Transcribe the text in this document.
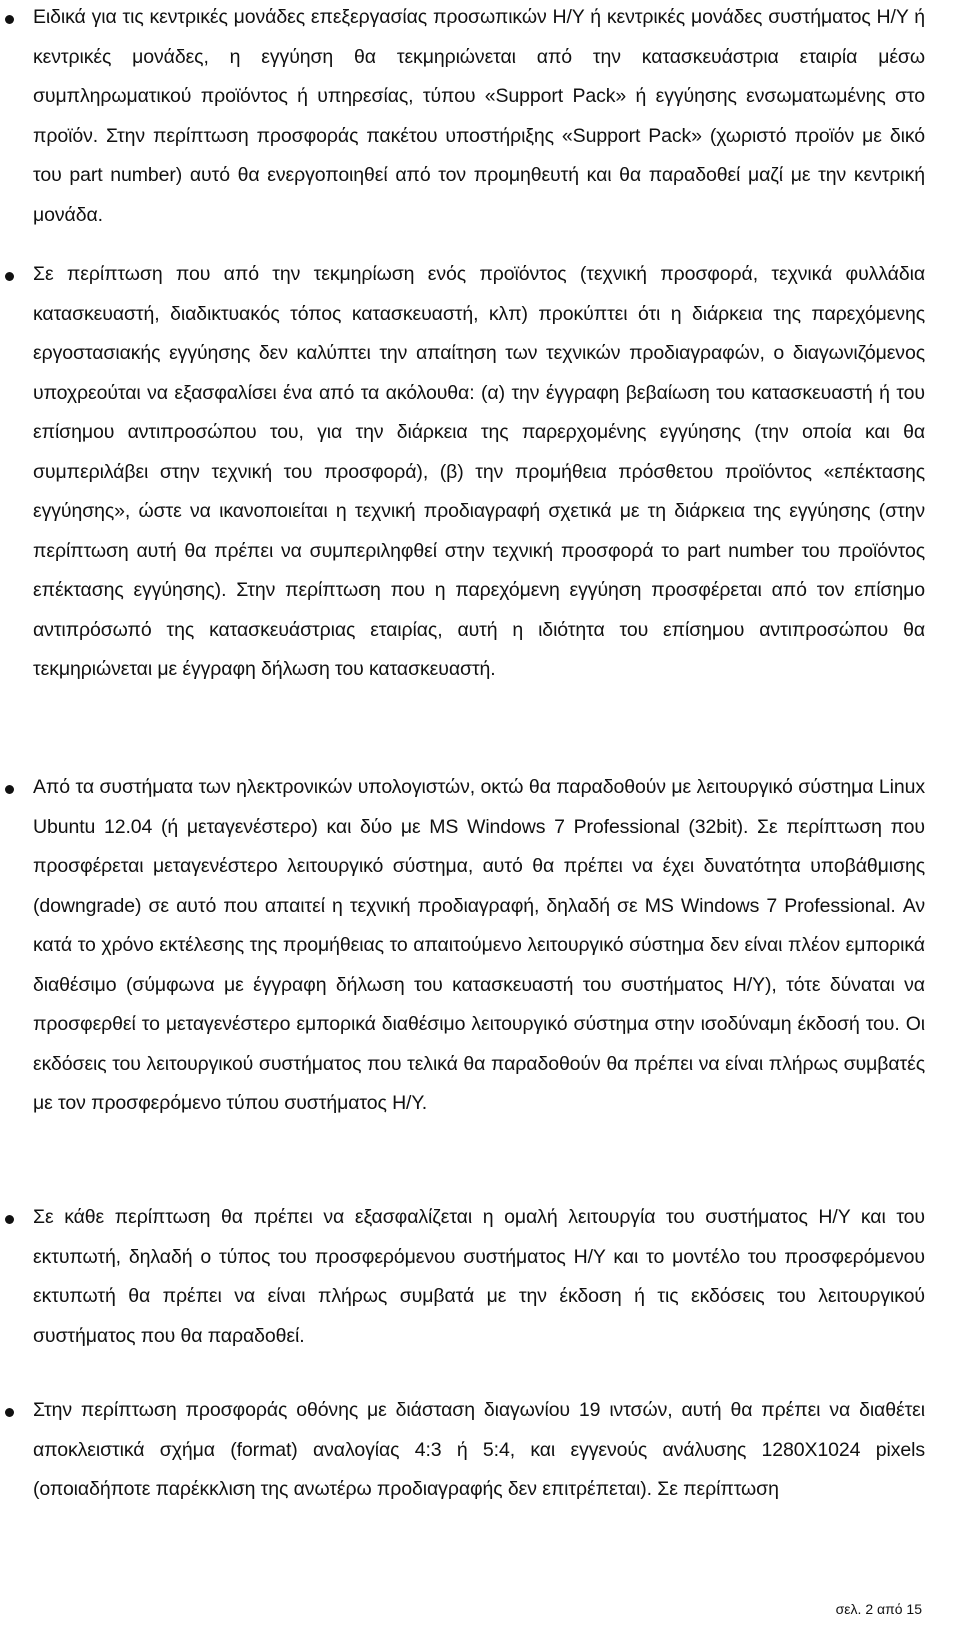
Ειδικά για τις κεντρικές μονάδες επεξεργασίας προσωπικών Η/Υ ή κεντρικές μονάδες συστήματος Η/Υ ή κεντρικές μονάδες, η εγγύηση θα τεκμηριώνεται από την κατασκευάστρια εταιρία μέσω συμπληρωματικού προϊόντος ή υπηρεσίας, τύπου «Support Pack» ή εγγύησης ενσωματωμένης στο προϊόν. Στην περίπτωση προσφοράς πακέτου υποστήριξης «Support Pack» (χωριστό προϊόν με δικό του part number) αυτό θα ενεργοποιηθεί από τον προμηθευτή και θα παραδοθεί μαζί με την κεντρική μονάδα.

Σε περίπτωση που από την τεκμηρίωση ενός προϊόντος (τεχνική προσφορά, τεχνικά φυλλάδια κατασκευαστή, διαδικτυακός τόπος κατασκευαστή, κλπ) προκύπτει ότι η διάρκεια της παρεχόμενης εργοστασιακής εγγύησης δεν καλύπτει την απαίτηση των τεχνικών προδιαγραφών, ο διαγωνιζόμενος υποχρεούται να εξασφαλίσει ένα από τα ακόλουθα: (α) την έγγραφη βεβαίωση του κατασκευαστή ή του επίσημου αντιπροσώπου του, για την διάρκεια της παρερχομένης εγγύησης (την οποία και θα συμπεριλάβει στην τεχνική του προσφορά), (β) την προμήθεια πρόσθετου προϊόντος «επέκτασης εγγύησης», ώστε να ικανοποιείται η τεχνική προδιαγραφή σχετικά με τη διάρκεια της εγγύησης (στην περίπτωση αυτή θα πρέπει να συμπεριληφθεί στην τεχνική προσφορά το part number του προϊόντος επέκτασης εγγύησης). Στην περίπτωση που η παρεχόμενη εγγύηση προσφέρεται από τον επίσημο αντιπρόσωπό της κατασκευάστριας εταιρίας, αυτή η ιδιότητα του επίσημου αντιπροσώπου θα τεκμηριώνεται με έγγραφη δήλωση του κατασκευαστή.

Από τα συστήματα των ηλεκτρονικών υπολογιστών, οκτώ θα παραδοθούν με λειτουργικό σύστημα Linux Ubuntu 12.04 (ή μεταγενέστερο) και δύο με MS Windows 7 Professional (32bit). Σε περίπτωση που προσφέρεται μεταγενέστερο λειτουργικό σύστημα, αυτό θα πρέπει να έχει δυνατότητα υποβάθμισης (downgrade) σε αυτό που απαιτεί η τεχνική προδιαγραφή, δηλαδή σε MS Windows 7 Professional. Αν κατά το χρόνο εκτέλεσης της προμήθειας το απαιτούμενο λειτουργικό σύστημα δεν είναι πλέον εμπορικά διαθέσιμο (σύμφωνα με έγγραφη δήλωση του κατασκευαστή του συστήματος Η/Υ), τότε δύναται να προσφερθεί το μεταγενέστερο εμπορικά διαθέσιμο λειτουργικό σύστημα στην ισοδύναμη έκδοσή του. Οι εκδόσεις του λειτουργικού συστήματος που τελικά θα παραδοθούν θα πρέπει να είναι πλήρως συμβατές με τον προσφερόμενο τύπου συστήματος Η/Υ.

Σε κάθε περίπτωση θα πρέπει να εξασφαλίζεται η ομαλή λειτουργία του συστήματος Η/Υ και του εκτυπωτή, δηλαδή ο τύπος του προσφερόμενου συστήματος Η/Υ και το μοντέλο του προσφερόμενου εκτυπωτή θα πρέπει να είναι πλήρως συμβατά με την έκδοση ή τις εκδόσεις του λειτουργικού συστήματος που θα παραδοθεί.

Στην περίπτωση προσφοράς οθόνης με διάσταση διαγωνίου 19 ιντσών, αυτή θα πρέπει να διαθέτει αποκλειστικά σχήμα (format) αναλογίας 4:3 ή 5:4, και εγγενούς ανάλυσης 1280X1024 pixels (οποιαδήποτε παρέκκλιση της ανωτέρω προδιαγραφής δεν επιτρέπεται). Σε περίπτωση

σελ. 2 από 15
